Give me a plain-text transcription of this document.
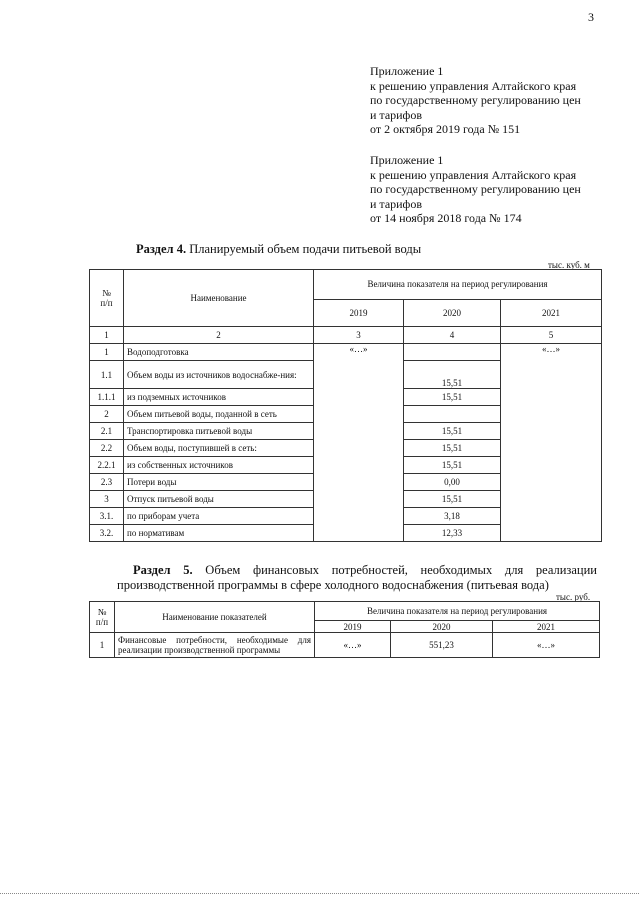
3
Приложение 1
к решению управления Алтайского края
по государственному регулированию цен
и тарифов
от 2 октября 2019 года № 151
Приложение 1
к решению управления Алтайского края
по государственному регулированию цен
и тарифов
от 14 ноября 2018 года № 174
Раздел 4. Планируемый объем подачи питьевой воды
тыс. куб. м
№
п/п	Наименование	Величина показателя на период регулирования		
		2019	2020	2021
1	2	3	4	5
1	Водоподготовка	«…»		«…»
1.1	Объем воды из источников водоснабже-ния:		15,51	
1.1.1	из подземных источников		15,51	
2	Объем питьевой воды, поданной в сеть			
2.1	Транспортировка питьевой воды		15,51	
2.2	Объем воды, поступившей в сеть:		15,51	
2.2.1	из собственных источников		15,51	
2.3	Потери воды		0,00	
3	Отпуск питьевой воды		15,51	
3.1.	по приборам учета		3,18	
3.2.	по нормативам		12,33	
Раздел 5. Объем финансовых потребностей, необходимых для реализации производственной программы в сфере холодного водоснабжения (питьевая вода)
тыс. руб.
№
п/п	Наименование показателей	Величина показателя на период регулирования		
		2019	2020	2021
1	Финансовые потребности, необходимые для реализации производственной программы	«…»	551,23	«…»
